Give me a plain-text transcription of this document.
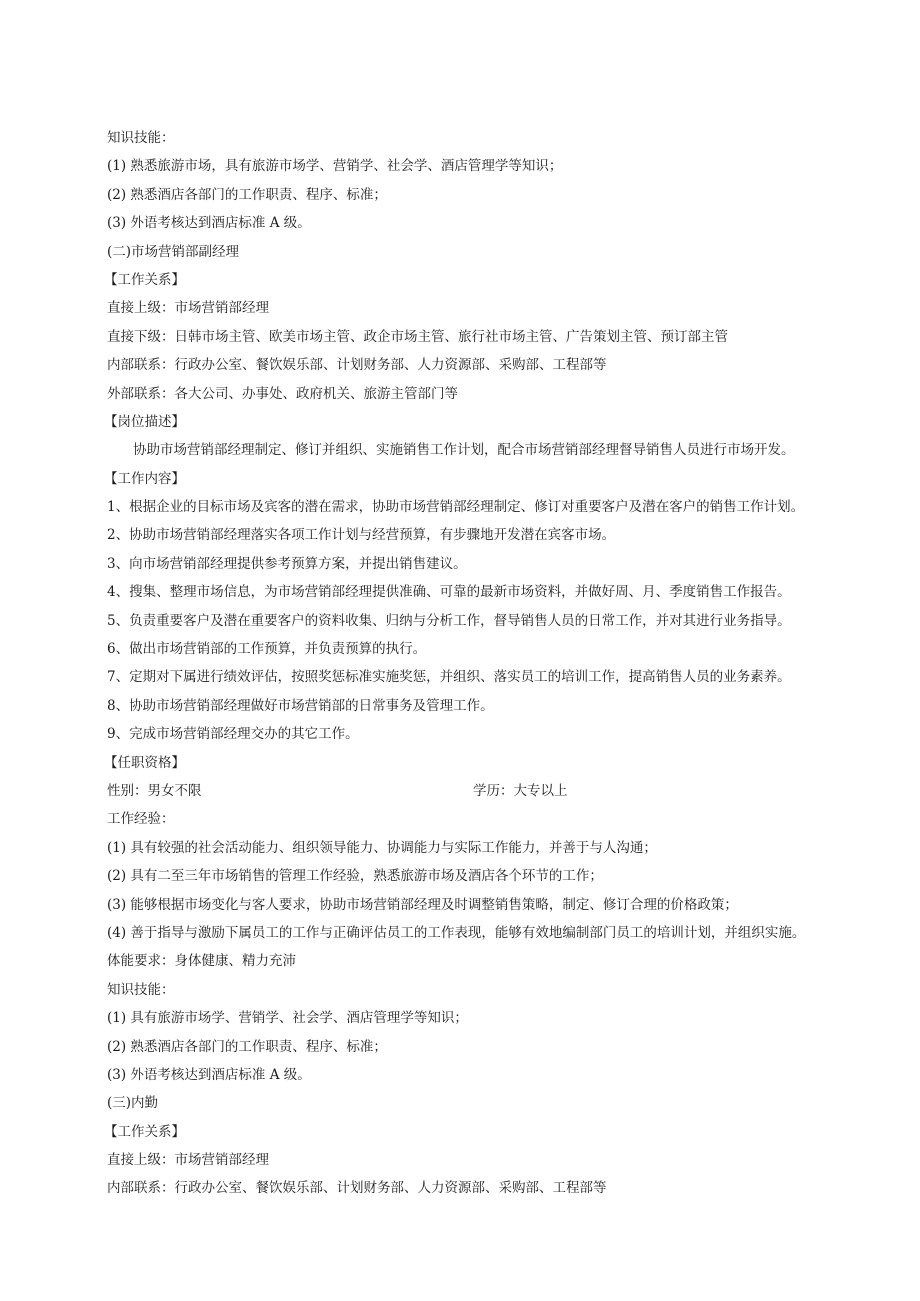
知识技能：
(1) 熟悉旅游市场，具有旅游市场学、营销学、社会学、酒店管理学等知识；
(2) 熟悉酒店各部门的工作职责、程序、标准；
(3) 外语考核达到酒店标准 A 级。
(二)市场营销部副经理
【工作关系】
直接上级：市场营销部经理
直接下级：日韩市场主管、欧美市场主管、政企市场主管、旅行社市场主管、广告策划主管、预订部主管
内部联系：行政办公室、餐饮娱乐部、计划财务部、人力资源部、采购部、工程部等
外部联系：各大公司、办事处、政府机关、旅游主管部门等
【岗位描述】
协助市场营销部经理制定、修订并组织、实施销售工作计划，配合市场营销部经理督导销售人员进行市场开发。
【工作内容】
1、根据企业的目标市场及宾客的潜在需求，协助市场营销部经理制定、修订对重要客户及潜在客户的销售工作计划。
2、协助市场营销部经理落实各项工作计划与经营预算，有步骤地开发潜在宾客市场。
3、向市场营销部经理提供参考预算方案，并提出销售建议。
4、搜集、整理市场信息，为市场营销部经理提供准确、可靠的最新市场资料，并做好周、月、季度销售工作报告。
5、负责重要客户及潜在重要客户的资料收集、归纳与分析工作，督导销售人员的日常工作，并对其进行业务指导。
6、做出市场营销部的工作预算，并负责预算的执行。
7、定期对下属进行绩效评估，按照奖惩标准实施奖惩，并组织、落实员工的培训工作，提高销售人员的业务素养。
8、协助市场营销部经理做好市场营销部的日常事务及管理工作。
9、完成市场营销部经理交办的其它工作。
【任职资格】
性别：男女不限	学历：大专以上
工作经验：
(1) 具有较强的社会活动能力、组织领导能力、协调能力与实际工作能力，并善于与人沟通；
(2) 具有二至三年市场销售的管理工作经验，熟悉旅游市场及酒店各个环节的工作；
(3) 能够根据市场变化与客人要求，协助市场营销部经理及时调整销售策略，制定、修订合理的价格政策；
(4) 善于指导与激励下属员工的工作与正确评估员工的工作表现，能够有效地编制部门员工的培训计划，并组织实施。
体能要求：身体健康、精力充沛
知识技能：
(1) 具有旅游市场学、营销学、社会学、酒店管理学等知识；
(2) 熟悉酒店各部门的工作职责、程序、标准；
(3) 外语考核达到酒店标准 A 级。
(三)内勤
【工作关系】
直接上级：市场营销部经理
内部联系：行政办公室、餐饮娱乐部、计划财务部、人力资源部、采购部、工程部等
